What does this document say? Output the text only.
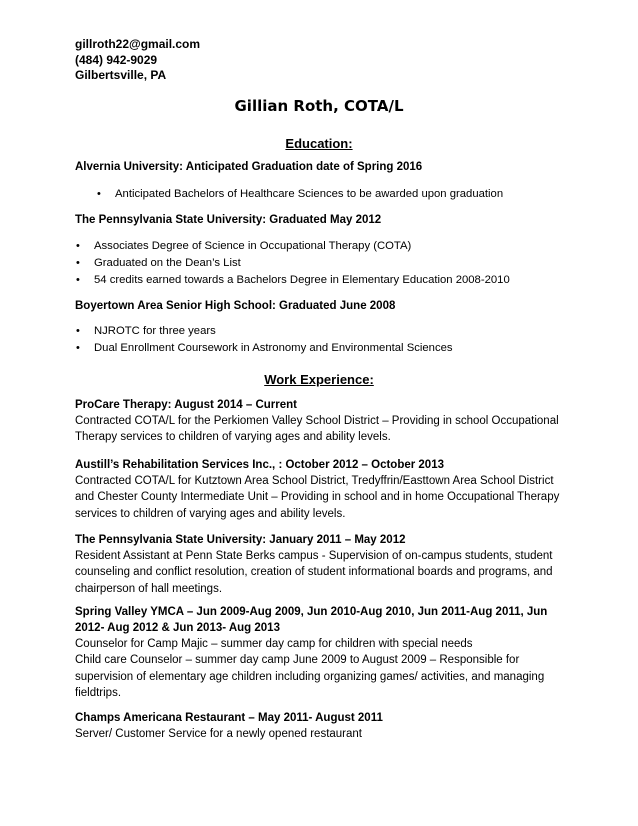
gillroth22@gmail.com
(484) 942-9029
Gilbertsville, PA
Gillian Roth, COTA/L
Education:
Alvernia University: Anticipated Graduation date of Spring 2016
• Anticipated Bachelors of Healthcare Sciences to be awarded upon graduation
The Pennsylvania State University: Graduated May 2012
• Associates Degree of Science in Occupational Therapy (COTA)
• Graduated on the Dean’s List
• 54 credits earned towards a Bachelors Degree in Elementary Education 2008-2010
Boyertown Area Senior High School: Graduated June 2008
• NJROTC for three years
• Dual Enrollment Coursework in Astronomy and Environmental Sciences
Work Experience:
ProCare Therapy: August 2014 – Current
Contracted COTA/L for the Perkiomen Valley School District – Providing in school Occupational
Therapy services to children of varying ages and ability levels.
Austill’s Rehabilitation Services Inc., : October 2012 – October 2013
Contracted COTA/L for Kutztown Area School District, Tredyffrin/Easttown Area School District
and Chester County Intermediate Unit – Providing in school and in home Occupational Therapy
services to children of varying ages and ability levels.
The Pennsylvania State University: January 2011 – May 2012
Resident Assistant at Penn State Berks campus - Supervision of on-campus students, student
counseling and conflict resolution, creation of student informational boards and programs, and
chairperson of hall meetings.
Spring Valley YMCA – Jun 2009-Aug 2009, Jun 2010-Aug 2010, Jun 2011-Aug 2011, Jun
2012- Aug 2012 & Jun 2013- Aug 2013
Counselor for Camp Majic – summer day camp for children with special needs
Child care Counselor – summer day camp June 2009 to August 2009 – Responsible for
supervision of elementary age children including organizing games/ activities, and managing
fieldtrips.
Champs Americana Restaurant – May 2011- August 2011
Server/ Customer Service for a newly opened restaurant
